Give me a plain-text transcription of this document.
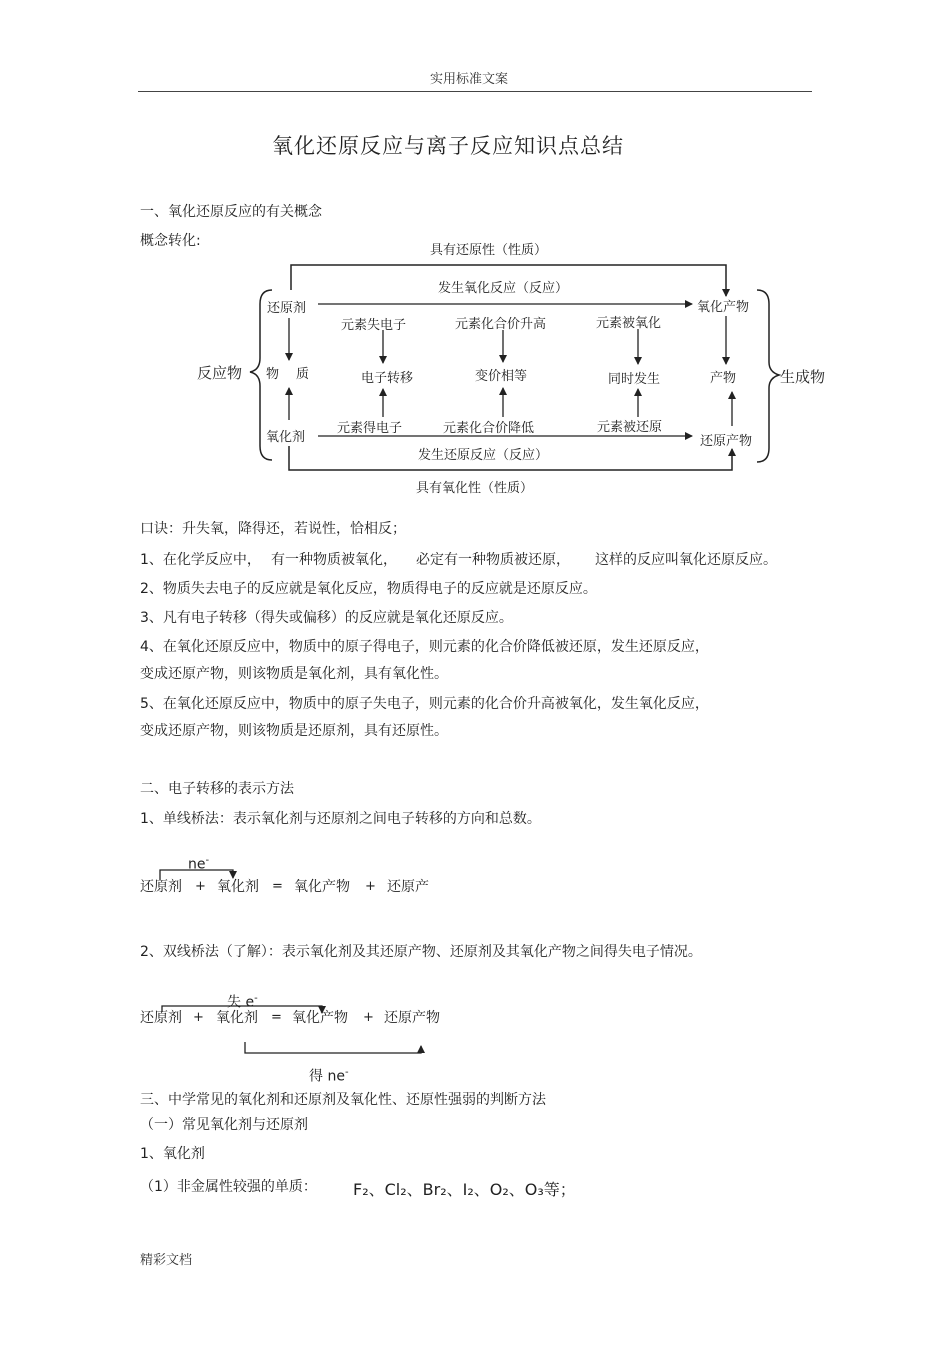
实用标准文案
氧化还原反应与离子反应知识点总结
一、氧化还原反应的有关概念
概念转化:
具有还原性（性质）
发生氧化反应（反应）
还原剂	氧化产物
元素失电子	元素化合价升高	元素被氧化
反应物 物 质	电子转移	变价相等	同时发生	产物	生成物
元素得电子	元素化合价降低	元素被还原
氧化剂	还原产物
发生还原反应（反应）
具有氧化性（性质）
口诀：升失氧，降得还，若说性，恰相反；
1、在化学反应中， 有一种物质被氧化， 必定有一种物质被还原， 这样的反应叫氧化还原反应。
2、物质失去电子的反应就是氧化反应，物质得电子的反应就是还原反应。
3、凡有电子转移（得失或偏移）的反应就是氧化还原反应。
4、在氧化还原反应中，物质中的原子得电子，则元素的化合价降低被还原，发生还原反应，
变成还原产物，则该物质是氧化剂，具有氧化性。
5、在氧化还原反应中，物质中的原子失电子，则元素的化合价升高被氧化，发生氧化反应，
变成还原产物，则该物质是还原剂，具有还原性。
二、电子转移的表示方法
1、单线桥法：表示氧化剂与还原剂之间电子转移的方向和总数。
ne-
还原剂 + 氧化剂 = 氧化产物 + 还原产
2、双线桥法（了解）：表示氧化剂及其还原产物、还原剂及其氧化产物之间得失电子情况。
失 e-
还原剂 + 氧化剂 = 氧化产物 + 还原产物
得 ne-
三、中学常见的氧化剂和还原剂及氧化性、还原性强弱的判断方法
（一）常见氧化剂与还原剂
1、氧化剂
（1）非金属性较强的单质： F₂、Cl₂、Br₂、I₂、O₂、O₃等；
精彩文档
